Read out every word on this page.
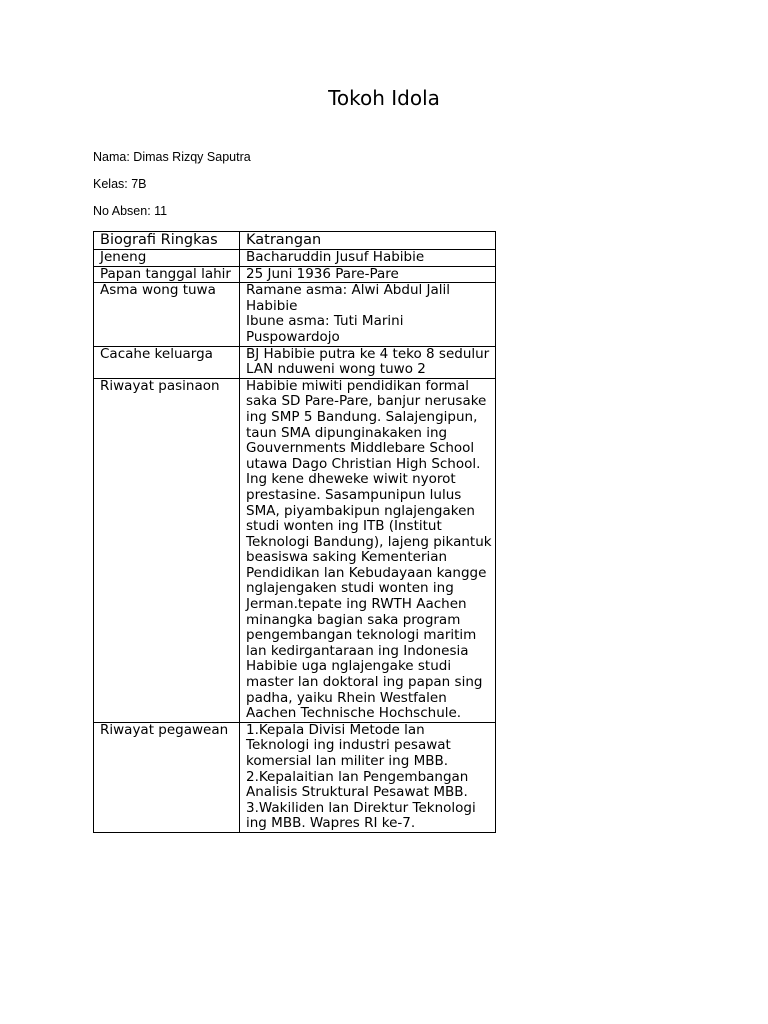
Tokoh Idola
Nama: Dimas Rizqy Saputra
Kelas: 7B
No Absen: 11
Biografi Ringkas	Katrangan
Jeneng	Bacharuddin Jusuf Habibie
Papan tanggal lahir	25 Juni 1936 Pare-Pare
Asma wong tuwa	Ramane asma: Alwi Abdul Jalil Habibie
Ibune asma: Tuti Marini Puspowardojo

Cacahe keluarga	BJ Habibie putra ke 4 teko 8 sedulur LAN nduweni wong tuwo 2
Riwayat pasinaon	Habibie miwiti pendidikan formal saka SD Pare-Pare, banjur nerusake ing SMP 5 Bandung. Salajengipun, taun SMA dipunginakaken ing Gouvernments Middlebare School utawa Dago Christian High School. Ing kene dheweke wiwit nyorot prestasine. Sasampunipun lulus SMA, piyambakipun nglajengaken studi wonten ing ITB (Institut Teknologi Bandung), lajeng pikantuk beasiswa saking Kementerian Pendidikan lan Kebudayaan kangge nglajengaken studi wonten ing Jerman.tepate ing RWTH Aachen minangka bagian saka program pengembangan teknologi maritim lan kedirgantaraan ing Indonesia Habibie uga nglajengake studi master lan doktoral ing papan sing padha, yaiku Rhein Westfalen Aachen Technische Hochschule.
Riwayat pegawean	1.Kepala Divisi Metode lan Teknologi ing industri pesawat komersial lan militer ing MBB. 2.Kepalaitian lan Pengembangan Analisis Struktural Pesawat MBB. 3.Wakiliden lan Direktur Teknologi ing MBB. Wapres RI ke-7.
